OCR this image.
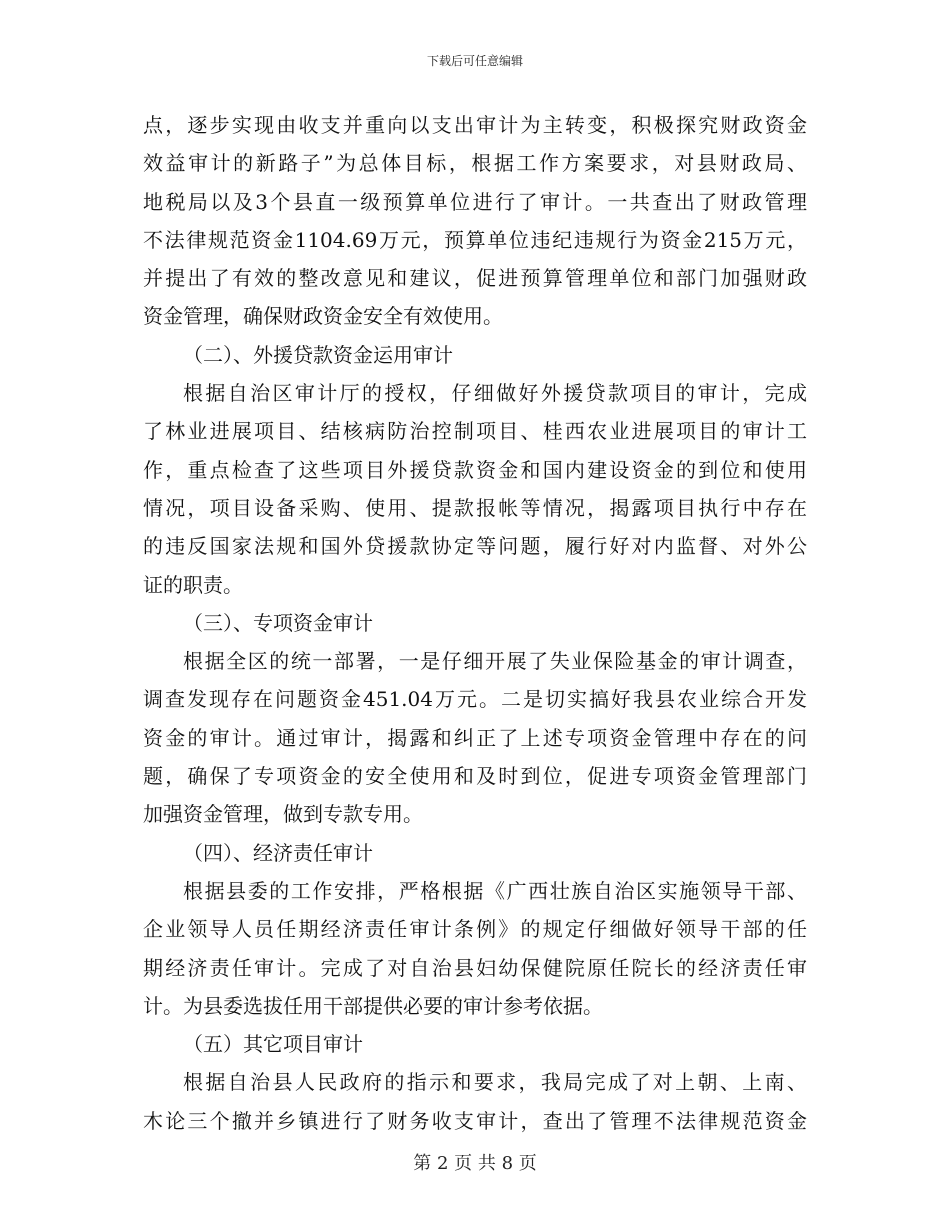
下载后可任意编辑
点，逐步实现由收支并重向以支出审计为主转变，积极探究财政资金
效益审计的新路子”为总体目标，根据工作方案要求，对县财政局、
地税局以及3个县直一级预算单位进行了审计。一共查出了财政管理
不法律规范资金1104.69万元，预算单位违纪违规行为资金215万元，
并提出了有效的整改意见和建议，促进预算管理单位和部门加强财政
资金管理，确保财政资金安全有效使用。
（二）、外援贷款资金运用审计
根据自治区审计厅的授权，仔细做好外援贷款项目的审计，完成
了林业进展项目、结核病防治控制项目、桂西农业进展项目的审计工
作，重点检查了这些项目外援贷款资金和国内建设资金的到位和使用
情况，项目设备采购、使用、提款报帐等情况，揭露项目执行中存在
的违反国家法规和国外贷援款协定等问题，履行好对内监督、对外公
证的职责。
（三）、专项资金审计
根据全区的统一部署，一是仔细开展了失业保险基金的审计调查，
调查发现存在问题资金451.04万元。二是切实搞好我县农业综合开发
资金的审计。通过审计，揭露和纠正了上述专项资金管理中存在的问
题，确保了专项资金的安全使用和及时到位，促进专项资金管理部门
加强资金管理，做到专款专用。
（四）、经济责任审计
根据县委的工作安排，严格根据《广西壮族自治区实施领导干部、
企业领导人员任期经济责任审计条例》的规定仔细做好领导干部的任
期经济责任审计。完成了对自治县妇幼保健院原任院长的经济责任审
计。为县委选拔任用干部提供必要的审计参考依据。
（五）其它项目审计
根据自治县人民政府的指示和要求，我局完成了对上朝、上南、
木论三个撤并乡镇进行了财务收支审计，查出了管理不法律规范资金
第 2 页 共 8 页
